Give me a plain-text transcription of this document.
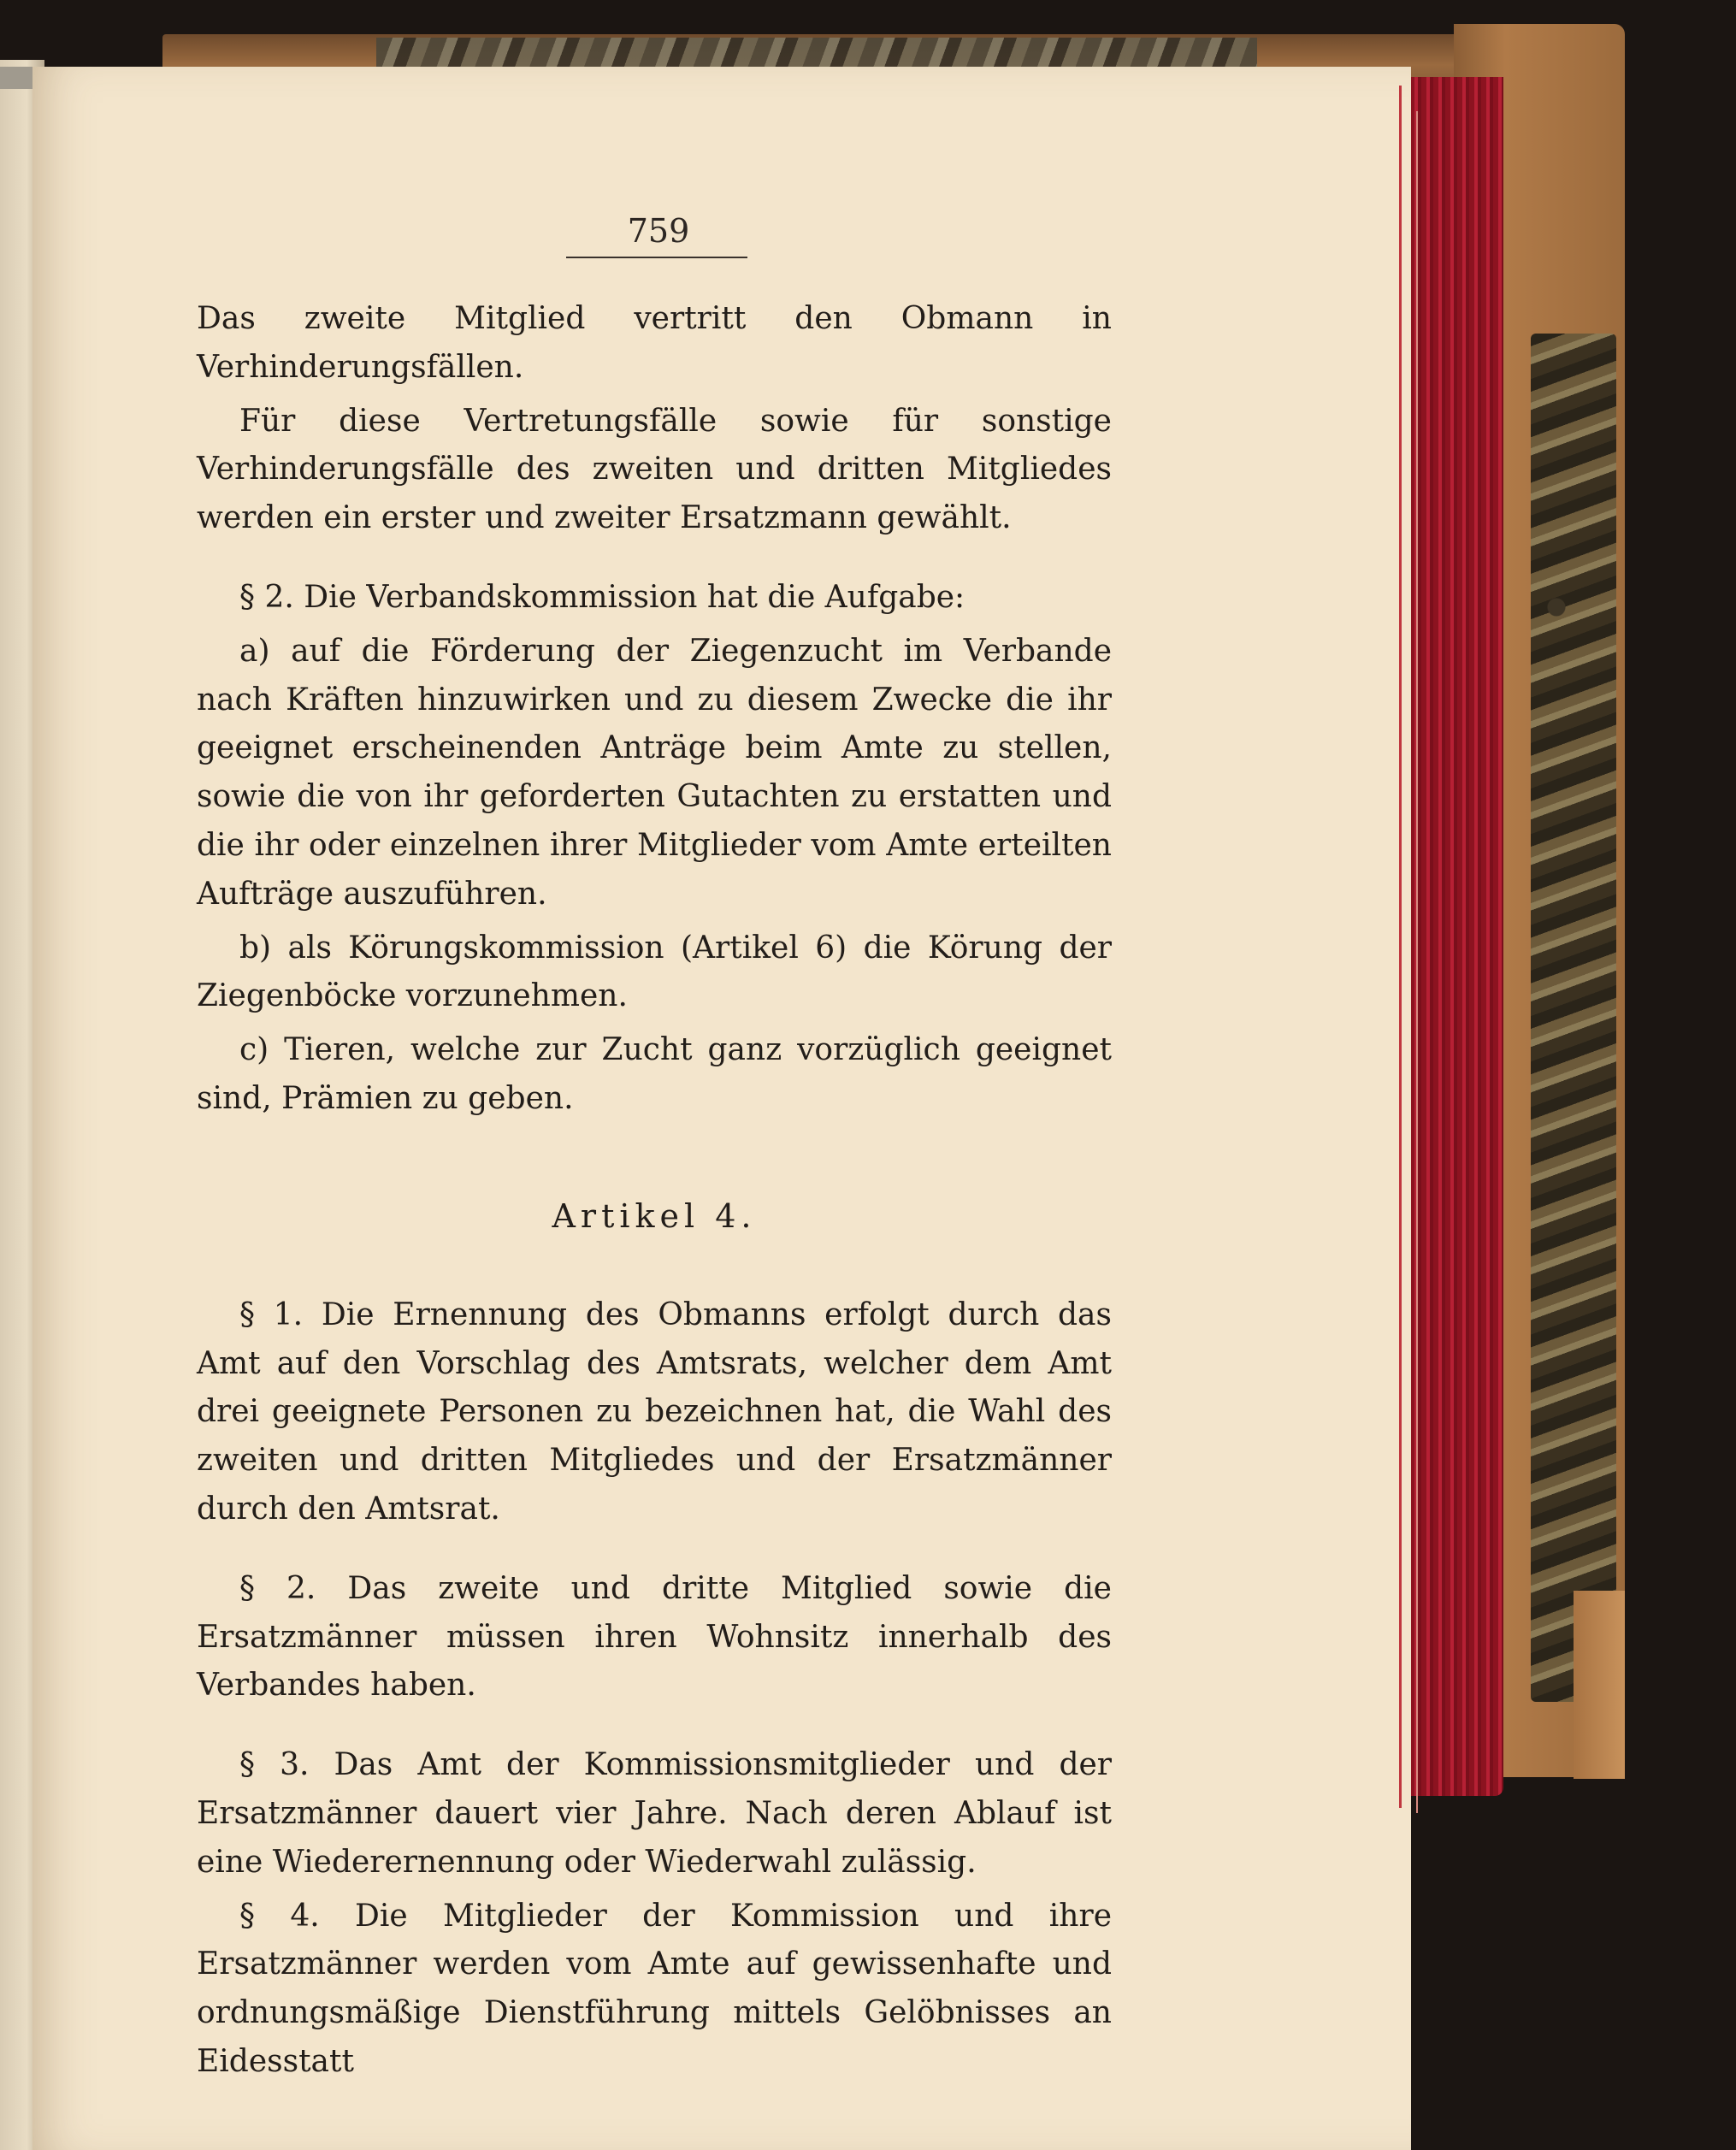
759

Das zweite Mitglied vertritt den Obmann in Verhinderungsfällen.

Für diese Vertretungsfälle sowie für sonstige Verhinderungsfälle des zweiten und dritten Mitgliedes werden ein erster und zweiter Ersatzmann gewählt.

§ 2. Die Verbandskommission hat die Aufgabe:

a) auf die Förderung der Ziegenzucht im Verbande nach Kräften hinzuwirken und zu diesem Zwecke die ihr geeignet erscheinenden Anträge beim Amte zu stellen, sowie die von ihr geforderten Gutachten zu erstatten und die ihr oder einzelnen ihrer Mitglieder vom Amte erteilten Aufträge auszuführen.

b) als Körungskommission (Artikel 6) die Körung der Ziegenböcke vorzunehmen.

c) Tieren, welche zur Zucht ganz vorzüglich geeignet sind, Prämien zu geben.

Artikel 4.

§ 1. Die Ernennung des Obmanns erfolgt durch das Amt auf den Vorschlag des Amtsrats, welcher dem Amt drei geeignete Personen zu bezeichnen hat, die Wahl des zweiten und dritten Mitgliedes und der Ersatzmänner durch den Amtsrat.

§ 2. Das zweite und dritte Mitglied sowie die Ersatzmänner müssen ihren Wohnsitz innerhalb des Verbandes haben.

§ 3. Das Amt der Kommissionsmitglieder und der Ersatzmänner dauert vier Jahre. Nach deren Ablauf ist eine Wiederernennung oder Wiederwahl zulässig.

§ 4. Die Mitglieder der Kommission und ihre Ersatzmänner werden vom Amte auf gewissenhafte und ordnungsmäßige Dienstführung mittels Gelöbnisses an Eidesstatt
